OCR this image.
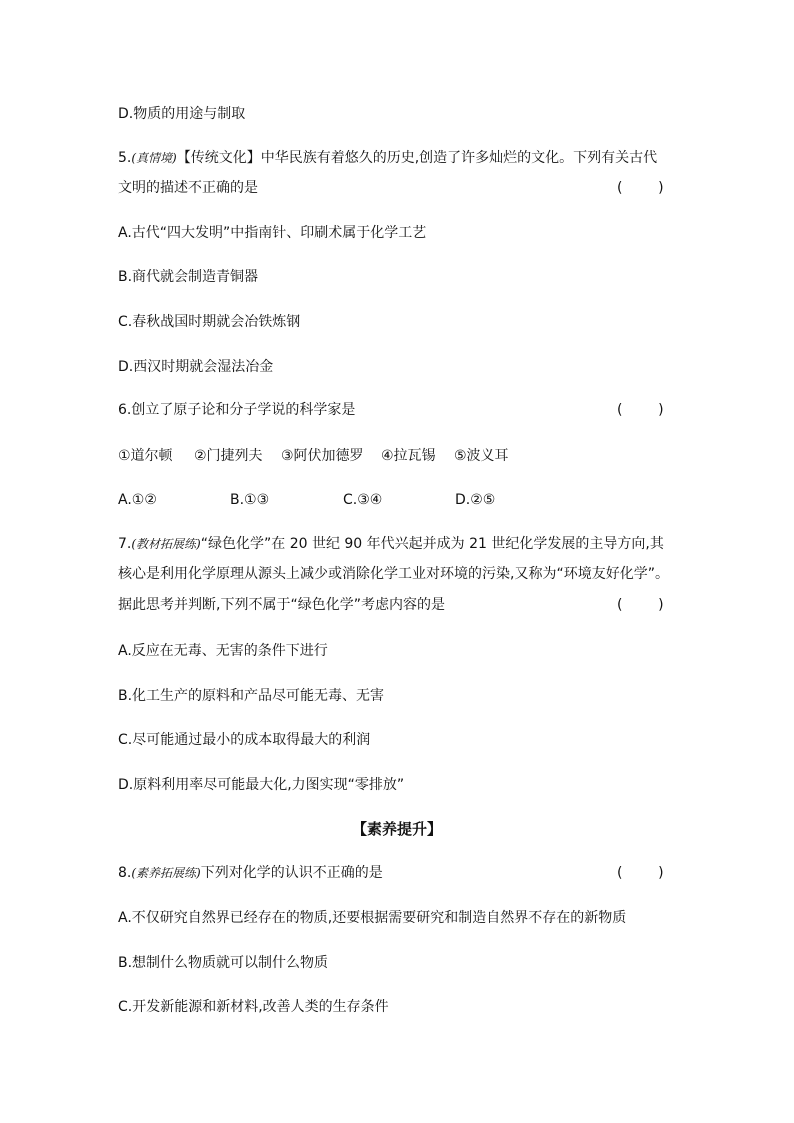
D.物质的用途与制取
5.(真情境)【传统文化】中华民族有着悠久的历史,创造了许多灿烂的文化。下列有关古代
文明的描述不正确的是	(        )
A.古代“四大发明”中指南针、印刷术属于化学工艺
B.商代就会制造青铜器
C.春秋战国时期就会冶铁炼钢
D.西汉时期就会湿法冶金
6.创立了原子论和分子学说的科学家是	(        )
①道尔顿 ②门捷列夫 ③阿伏加德罗 ④拉瓦锡 ⑤波义耳
A.①②	B.①③	C.③④	D.②⑤
7.(教材拓展练)“绿色化学”在 20 世纪 90 年代兴起并成为 21 世纪化学发展的主导方向,其
核心是利用化学原理从源头上减少或消除化学工业对环境的污染,又称为“环境友好化学”。
据此思考并判断,下列不属于“绿色化学”考虑内容的是	(        )
A.反应在无毒、无害的条件下进行
B.化工生产的原料和产品尽可能无毒、无害
C.尽可能通过最小的成本取得最大的利润
D.原料利用率尽可能最大化,力图实现“零排放”
【素养提升】
8.(素养拓展练)下列对化学的认识不正确的是	(        )
A.不仅研究自然界已经存在的物质,还要根据需要研究和制造自然界不存在的新物质
B.想制什么物质就可以制什么物质
C.开发新能源和新材料,改善人类的生存条件
